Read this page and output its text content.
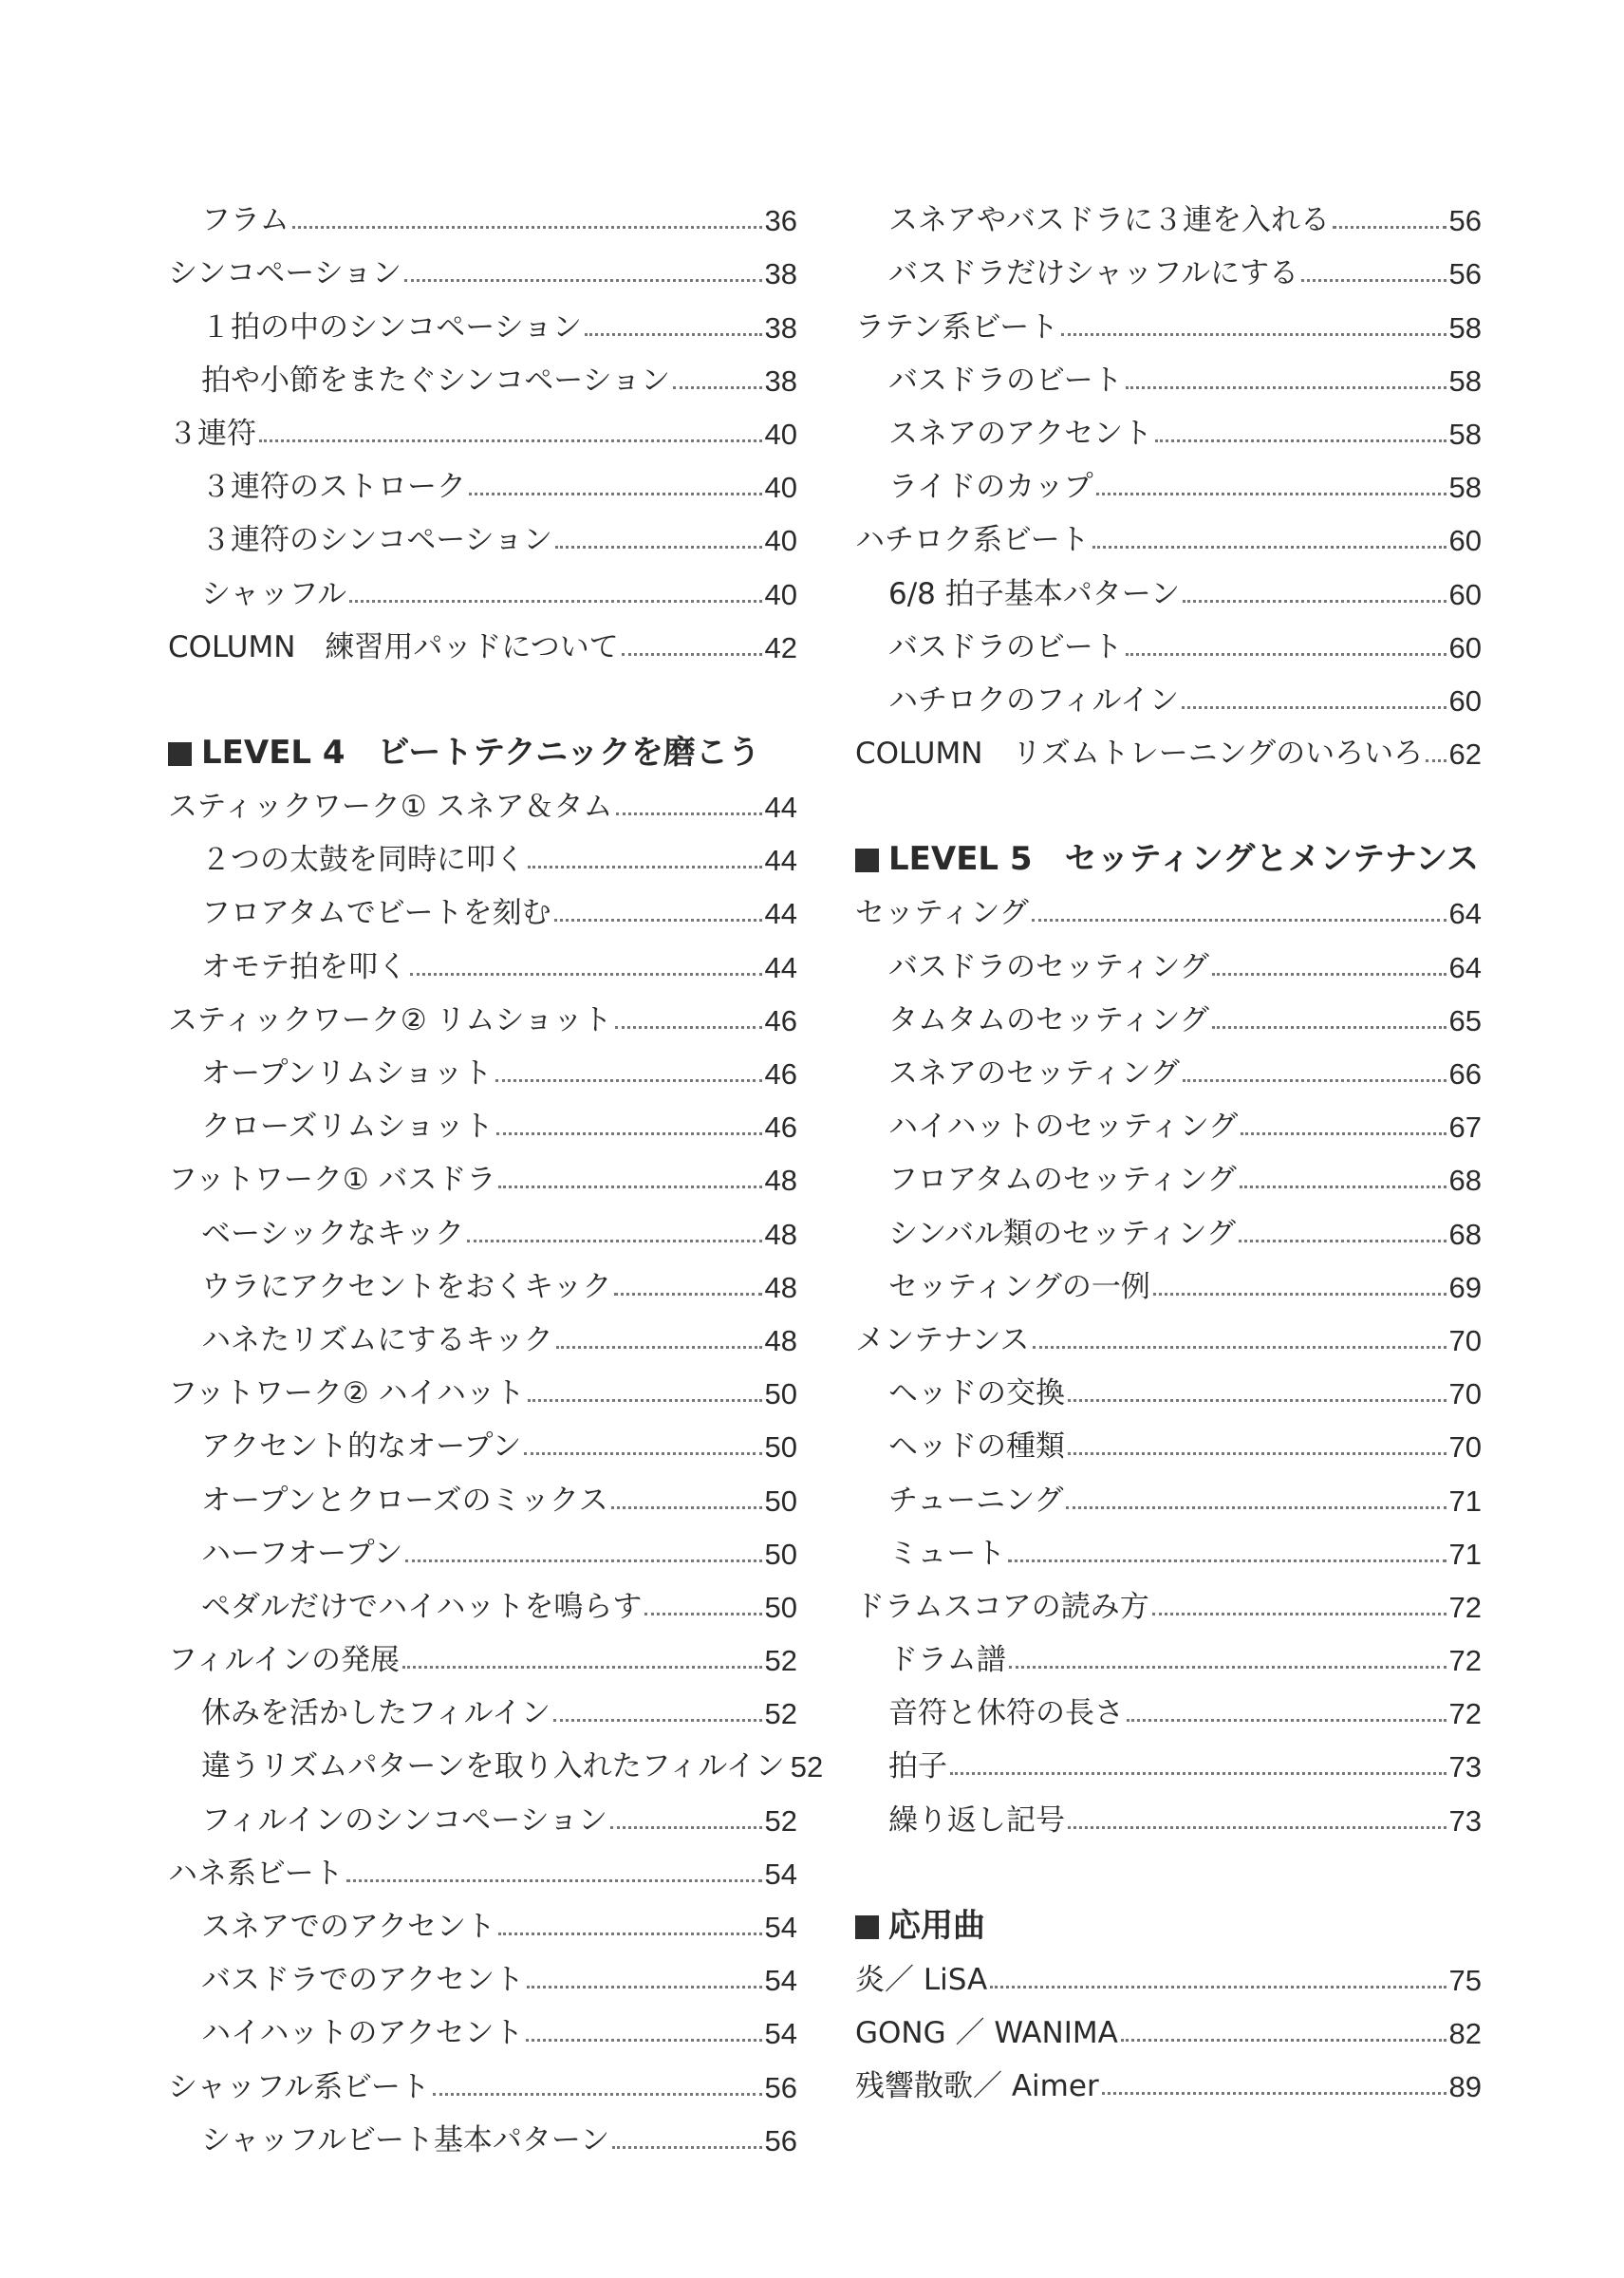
フラム	36
シンコペーション	38
１拍の中のシンコペーション	38
拍や小節をまたぐシンコペーション	38
３連符	40
３連符のストローク	40
３連符のシンコペーション	40
シャッフル	40
COLUMN　練習用パッドについて	42
LEVEL 4　ビートテクニックを磨こう
スティックワーク① スネア＆タム	44
２つの太鼓を同時に叩く	44
フロアタムでビートを刻む	44
オモテ拍を叩く	44
スティックワーク② リムショット	46
オープンリムショット	46
クローズリムショット	46
フットワーク① バスドラ	48
ベーシックなキック	48
ウラにアクセントをおくキック	48
ハネたリズムにするキック	48
フットワーク② ハイハット	50
アクセント的なオープン	50
オープンとクローズのミックス	50
ハーフオープン	50
ペダルだけでハイハットを鳴らす	50
フィルインの発展	52
休みを活かしたフィルイン	52
違うリズムパターンを取り入れたフィルイン 52
フィルインのシンコペーション	52
ハネ系ビート	54
スネアでのアクセント	54
バスドラでのアクセント	54
ハイハットのアクセント	54
シャッフル系ビート	56
シャッフルビート基本パターン	56
スネアやバスドラに３連を入れる	56
バスドラだけシャッフルにする	56
ラテン系ビート	58
バスドラのビート	58
スネアのアクセント	58
ライドのカップ	58
ハチロク系ビート	60
6/8 拍子基本パターン	60
バスドラのビート	60
ハチロクのフィルイン	60
COLUMN　リズムトレーニングのいろいろ 62
LEVEL 5　セッティングとメンテナンス
セッティング	64
バスドラのセッティング	64
タムタムのセッティング	65
スネアのセッティング	66
ハイハットのセッティング	67
フロアタムのセッティング	68
シンバル類のセッティング	68
セッティングの一例	69
メンテナンス	70
ヘッドの交換	70
ヘッドの種類	70
チューニング	71
ミュート	71
ドラムスコアの読み方	72
ドラム譜	72
音符と休符の長さ	72
拍子	73
繰り返し記号	73
応用曲
炎／ LiSA	75
GONG ／ WANIMA	82
残響散歌／ Aimer	89
